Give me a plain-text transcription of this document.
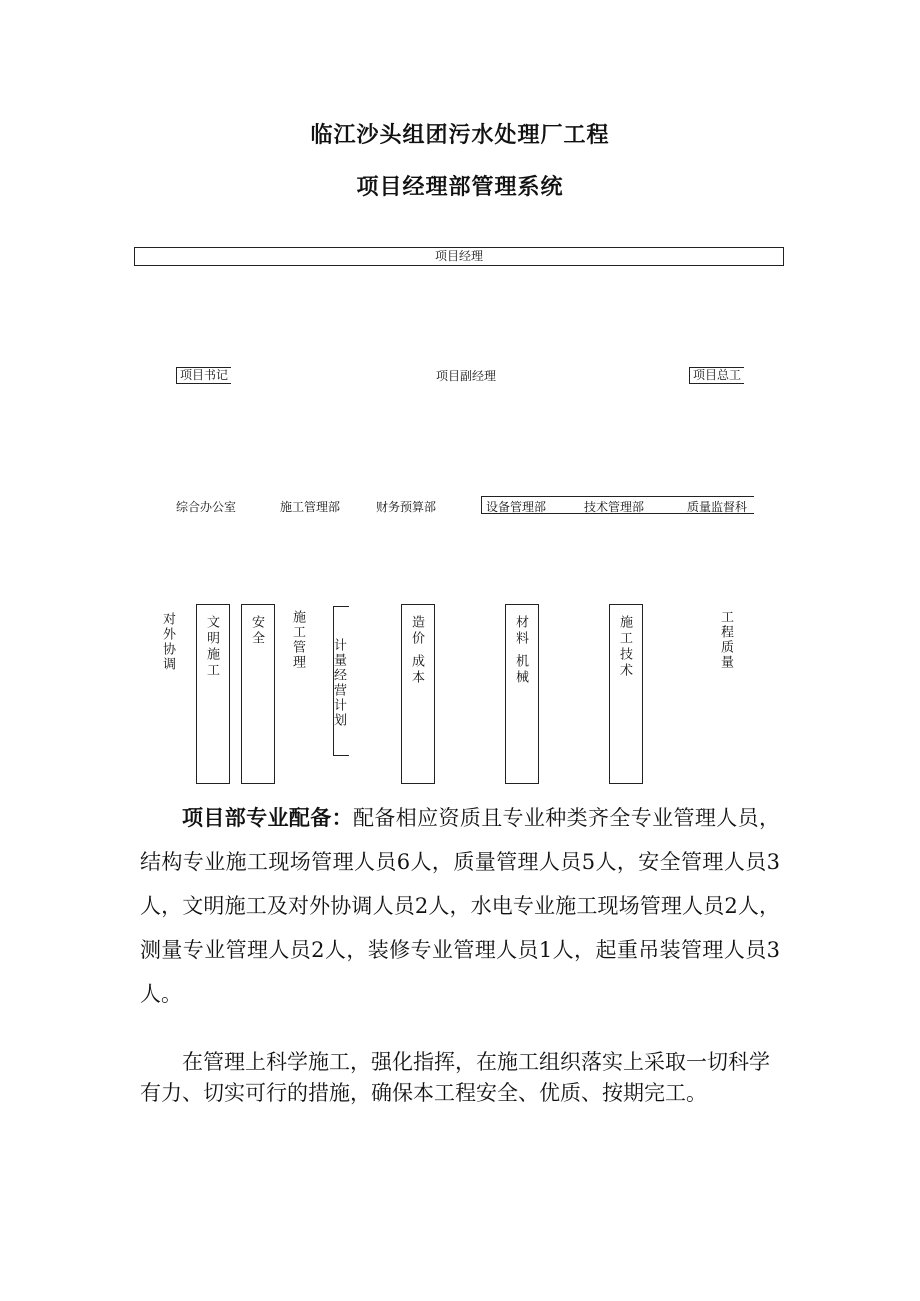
临江沙头组团污水处理厂工程
项目经理部管理系统
项目经理
项目书记	项目副经理	项目总工
综合办公室	施工管理部	财务预算部	设备管理部	技术管理部	质量监督科
对外协调	文明施工	安全	施工管理 计量经营计划	造价 成本	材料 机械	施工技术	工程质量
项目部专业配备：配备相应资质且专业种类齐全专业管理人员，结构专业施工现场管理人员6人，质量管理人员5人，安全管理人员3人，文明施工及对外协调人员2人，水电专业施工现场管理人员2人，测量专业管理人员2人，装修专业管理人员1人，起重吊装管理人员3人。
在管理上科学施工，强化指挥，在施工组织落实上采取一切科学有力、切实可行的措施，确保本工程安全、优质、按期完工。
